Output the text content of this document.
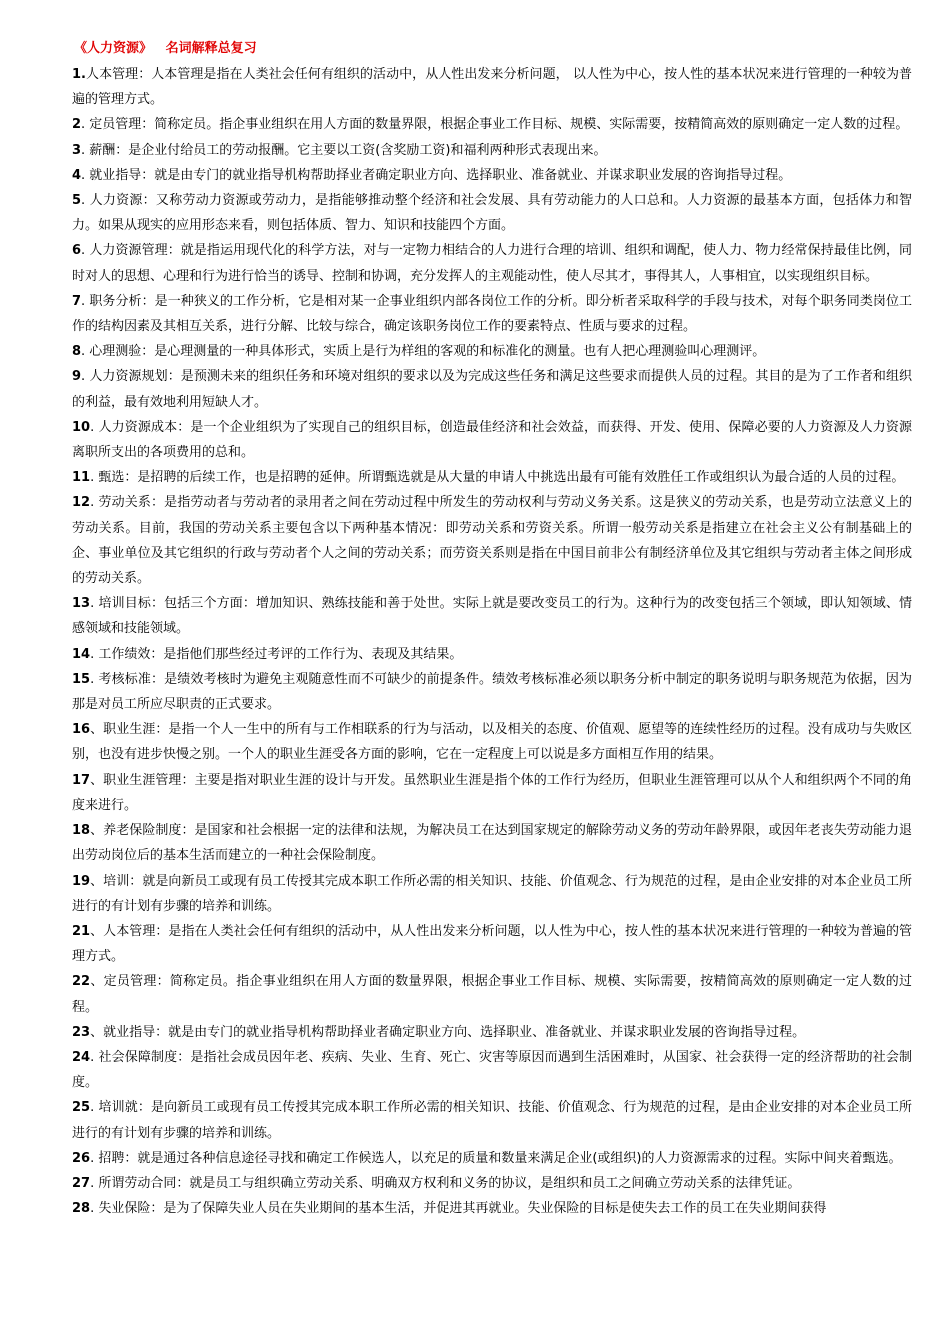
《人力资源》   名词解释总复习

1.人本管理：人本管理是指在人类社会任何有组织的活动中，从人性出发来分析问题， 以人性为中心，按人性的基本状况来进行管理的一种较为普遍的管理方式。

2. 定员管理：简称定员。指企事业组织在用人方面的数量界限，根据企事业工作目标、规模、实际需要，按精简高效的原则确定一定人数的过程。

3. 薪酬：是企业付给员工的劳动报酬。它主要以工资(含奖励工资)和福利两种形式表现出来。

4. 就业指导：就是由专门的就业指导机构帮助择业者确定职业方向、选择职业、准备就业、并谋求职业发展的咨询指导过程。

5. 人力资源：又称劳动力资源或劳动力，是指能够推动整个经济和社会发展、具有劳动能力的人口总和。人力资源的最基本方面，包括体力和智力。如果从现实的应用形态来看，则包括体质、智力、知识和技能四个方面。

6. 人力资源管理：就是指运用现代化的科学方法，对与一定物力相结合的人力进行合理的培训、组织和调配，使人力、物力经常保持最佳比例，同时对人的思想、心理和行为进行恰当的诱导、控制和协调，充分发挥人的主观能动性，使人尽其才，事得其人，人事相宜，以实现组织目标。

7. 职务分析：是一种狭义的工作分析，它是相对某一企事业组织内部各岗位工作的分析。即分析者采取科学的手段与技术，对每个职务同类岗位工作的结构因素及其相互关系，进行分解、比较与综合，确定该职务岗位工作的要素特点、性质与要求的过程。

8. 心理测验：是心理测量的一种具体形式，实质上是行为样组的客观的和标准化的测量。也有人把心理测验叫心理测评。

9. 人力资源规划：是预测未来的组织任务和环境对组织的要求以及为完成这些任务和满足这些要求而提供人员的过程。其目的是为了工作者和组织的利益，最有效地利用短缺人才。

10. 人力资源成本：是一个企业组织为了实现自己的组织目标，创造最佳经济和社会效益，而获得、开发、使用、保障必要的人力资源及人力资源离职所支出的各项费用的总和。

11. 甄选：是招聘的后续工作，也是招聘的延伸。所谓甄选就是从大量的申请人中挑选出最有可能有效胜任工作或组织认为最合适的人员的过程。

12. 劳动关系：是指劳动者与劳动者的录用者之间在劳动过程中所发生的劳动权利与劳动义务关系。这是狭义的劳动关系，也是劳动立法意义上的劳动关系。目前，我国的劳动关系主要包含以下两种基本情况：即劳动关系和劳资关系。所谓一般劳动关系是指建立在社会主义公有制基础上的企、事业单位及其它组织的行政与劳动者个人之间的劳动关系；而劳资关系则是指在中国目前非公有制经济单位及其它组织与劳动者主体之间形成的劳动关系。

13. 培训目标：包括三个方面：增加知识、熟练技能和善于处世。实际上就是要改变员工的行为。这种行为的改变包括三个领域，即认知领域、情感领域和技能领域。

14. 工作绩效：是指他们那些经过考评的工作行为、表现及其结果。

15. 考核标准：是绩效考核时为避免主观随意性而不可缺少的前提条件。绩效考核标准必须以职务分析中制定的职务说明与职务规范为依据，因为那是对员工所应尽职责的正式要求。

16、职业生涯：是指一个人一生中的所有与工作相联系的行为与活动，以及相关的态度、价值观、愿望等的连续性经历的过程。没有成功与失败区别，也没有进步快慢之别。一个人的职业生涯受各方面的影响，它在一定程度上可以说是多方面相互作用的结果。

17、职业生涯管理：主要是指对职业生涯的设计与开发。虽然职业生涯是指个体的工作行为经历，但职业生涯管理可以从个人和组织两个不同的角度来进行。

18、养老保险制度：是国家和社会根据一定的法律和法规，为解决员工在达到国家规定的解除劳动义务的劳动年龄界限，或因年老丧失劳动能力退出劳动岗位后的基本生活而建立的一种社会保险制度。

19、培训：就是向新员工或现有员工传授其完成本职工作所必需的相关知识、技能、价值观念、行为规范的过程，是由企业安排的对本企业员工所进行的有计划有步骤的培养和训练。

21、人本管理：是指在人类社会任何有组织的活动中，从人性出发来分析问题，以人性为中心，按人性的基本状况来进行管理的一种较为普遍的管理方式。

22、定员管理：简称定员。指企事业组织在用人方面的数量界限，根据企事业工作目标、规模、实际需要，按精简高效的原则确定一定人数的过程。

23、就业指导：就是由专门的就业指导机构帮助择业者确定职业方向、选择职业、准备就业、并谋求职业发展的咨询指导过程。

24. 社会保障制度：是指社会成员因年老、疾病、失业、生育、死亡、灾害等原因而遇到生活困难时，从国家、社会获得一定的经济帮助的社会制度。

25. 培训就：是向新员工或现有员工传授其完成本职工作所必需的相关知识、技能、价值观念、行为规范的过程，是由企业安排的对本企业员工所进行的有计划有步骤的培养和训练。

26. 招聘：就是通过各种信息途径寻找和确定工作候选人，以充足的质量和数量来满足企业(或组织)的人力资源需求的过程。实际中间夹着甄选。

27. 所谓劳动合同：就是员工与组织确立劳动关系、明确双方权利和义务的协议，是组织和员工之间确立劳动关系的法律凭证。

28. 失业保险：是为了保障失业人员在失业期间的基本生活，并促进其再就业。失业保险的目标是使失去工作的员工在失业期间获得
